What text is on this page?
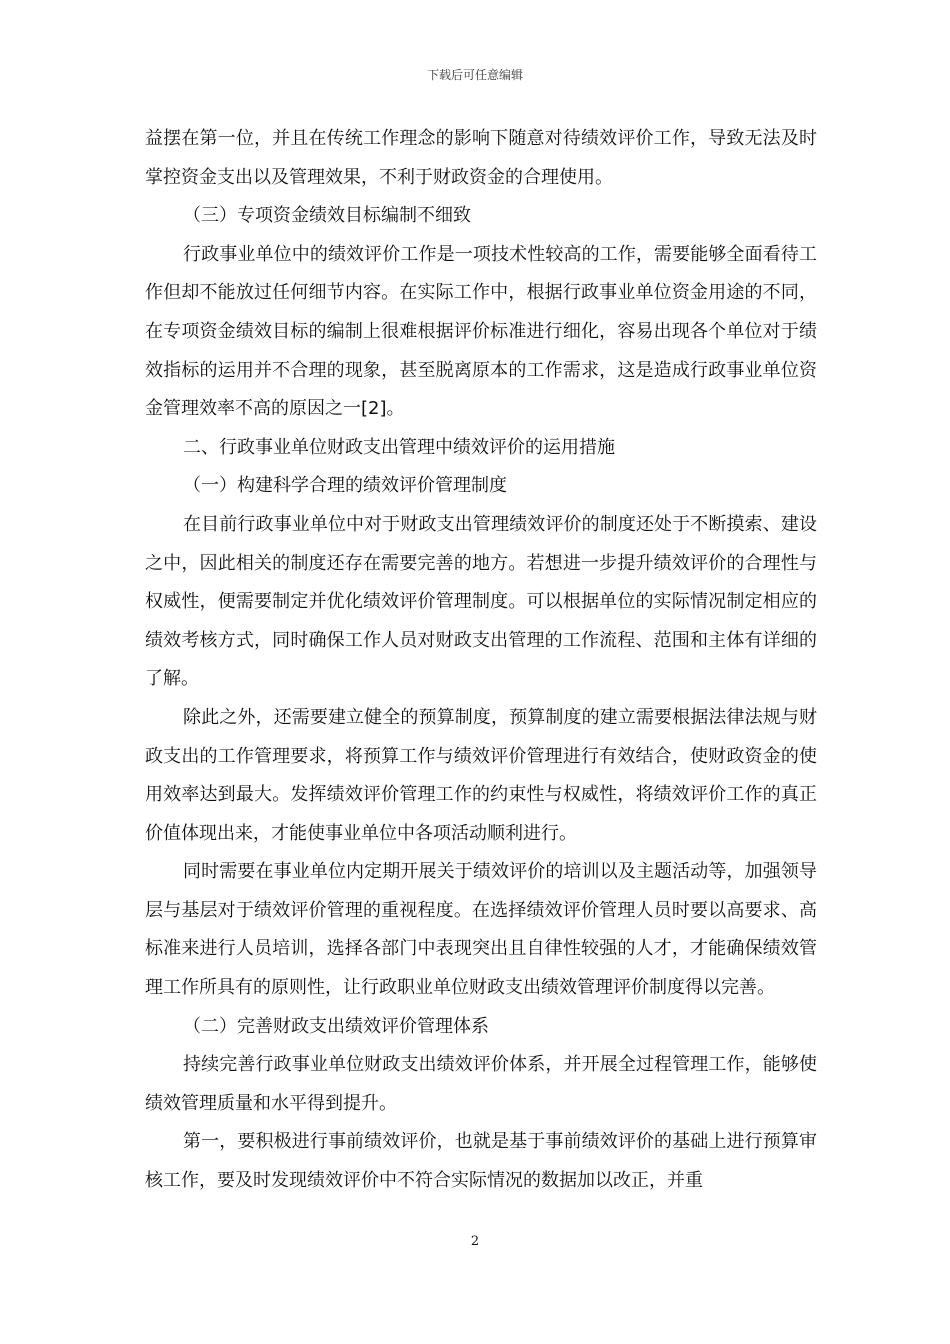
下载后可任意编辑

益摆在第一位，并且在传统工作理念的影响下随意对待绩效评价工作，导致无法及时掌控资金支出以及管理效果，不利于财政资金的合理使用。

（三）专项资金绩效目标编制不细致

行政事业单位中的绩效评价工作是一项技术性较高的工作，需要能够全面看待工作但却不能放过任何细节内容。在实际工作中，根据行政事业单位资金用途的不同，在专项资金绩效目标的编制上很难根据评价标准进行细化，容易出现各个单位对于绩效指标的运用并不合理的现象，甚至脱离原本的工作需求，这是造成行政事业单位资金管理效率不高的原因之一[2]。

二、行政事业单位财政支出管理中绩效评价的运用措施

（一）构建科学合理的绩效评价管理制度

在目前行政事业单位中对于财政支出管理绩效评价的制度还处于不断摸索、建设之中，因此相关的制度还存在需要完善的地方。若想进一步提升绩效评价的合理性与权威性，便需要制定并优化绩效评价管理制度。可以根据单位的实际情况制定相应的绩效考核方式，同时确保工作人员对财政支出管理的工作流程、范围和主体有详细的了解。

除此之外，还需要建立健全的预算制度，预算制度的建立需要根据法律法规与财政支出的工作管理要求，将预算工作与绩效评价管理进行有效结合，使财政资金的使用效率达到最大。发挥绩效评价管理工作的约束性与权威性，将绩效评价工作的真正价值体现出来，才能使事业单位中各项活动顺利进行。

同时需要在事业单位内定期开展关于绩效评价的培训以及主题活动等，加强领导层与基层对于绩效评价管理的重视程度。在选择绩效评价管理人员时要以高要求、高标准来进行人员培训，选择各部门中表现突出且自律性较强的人才，才能确保绩效管理工作所具有的原则性，让行政职业单位财政支出绩效管理评价制度得以完善。

（二）完善财政支出绩效评价管理体系

持续完善行政事业单位财政支出绩效评价体系，并开展全过程管理工作，能够使绩效管理质量和水平得到提升。

第一，要积极进行事前绩效评价，也就是基于事前绩效评价的基础上进行预算审核工作，要及时发现绩效评价中不符合实际情况的数据加以改正，并重

2
